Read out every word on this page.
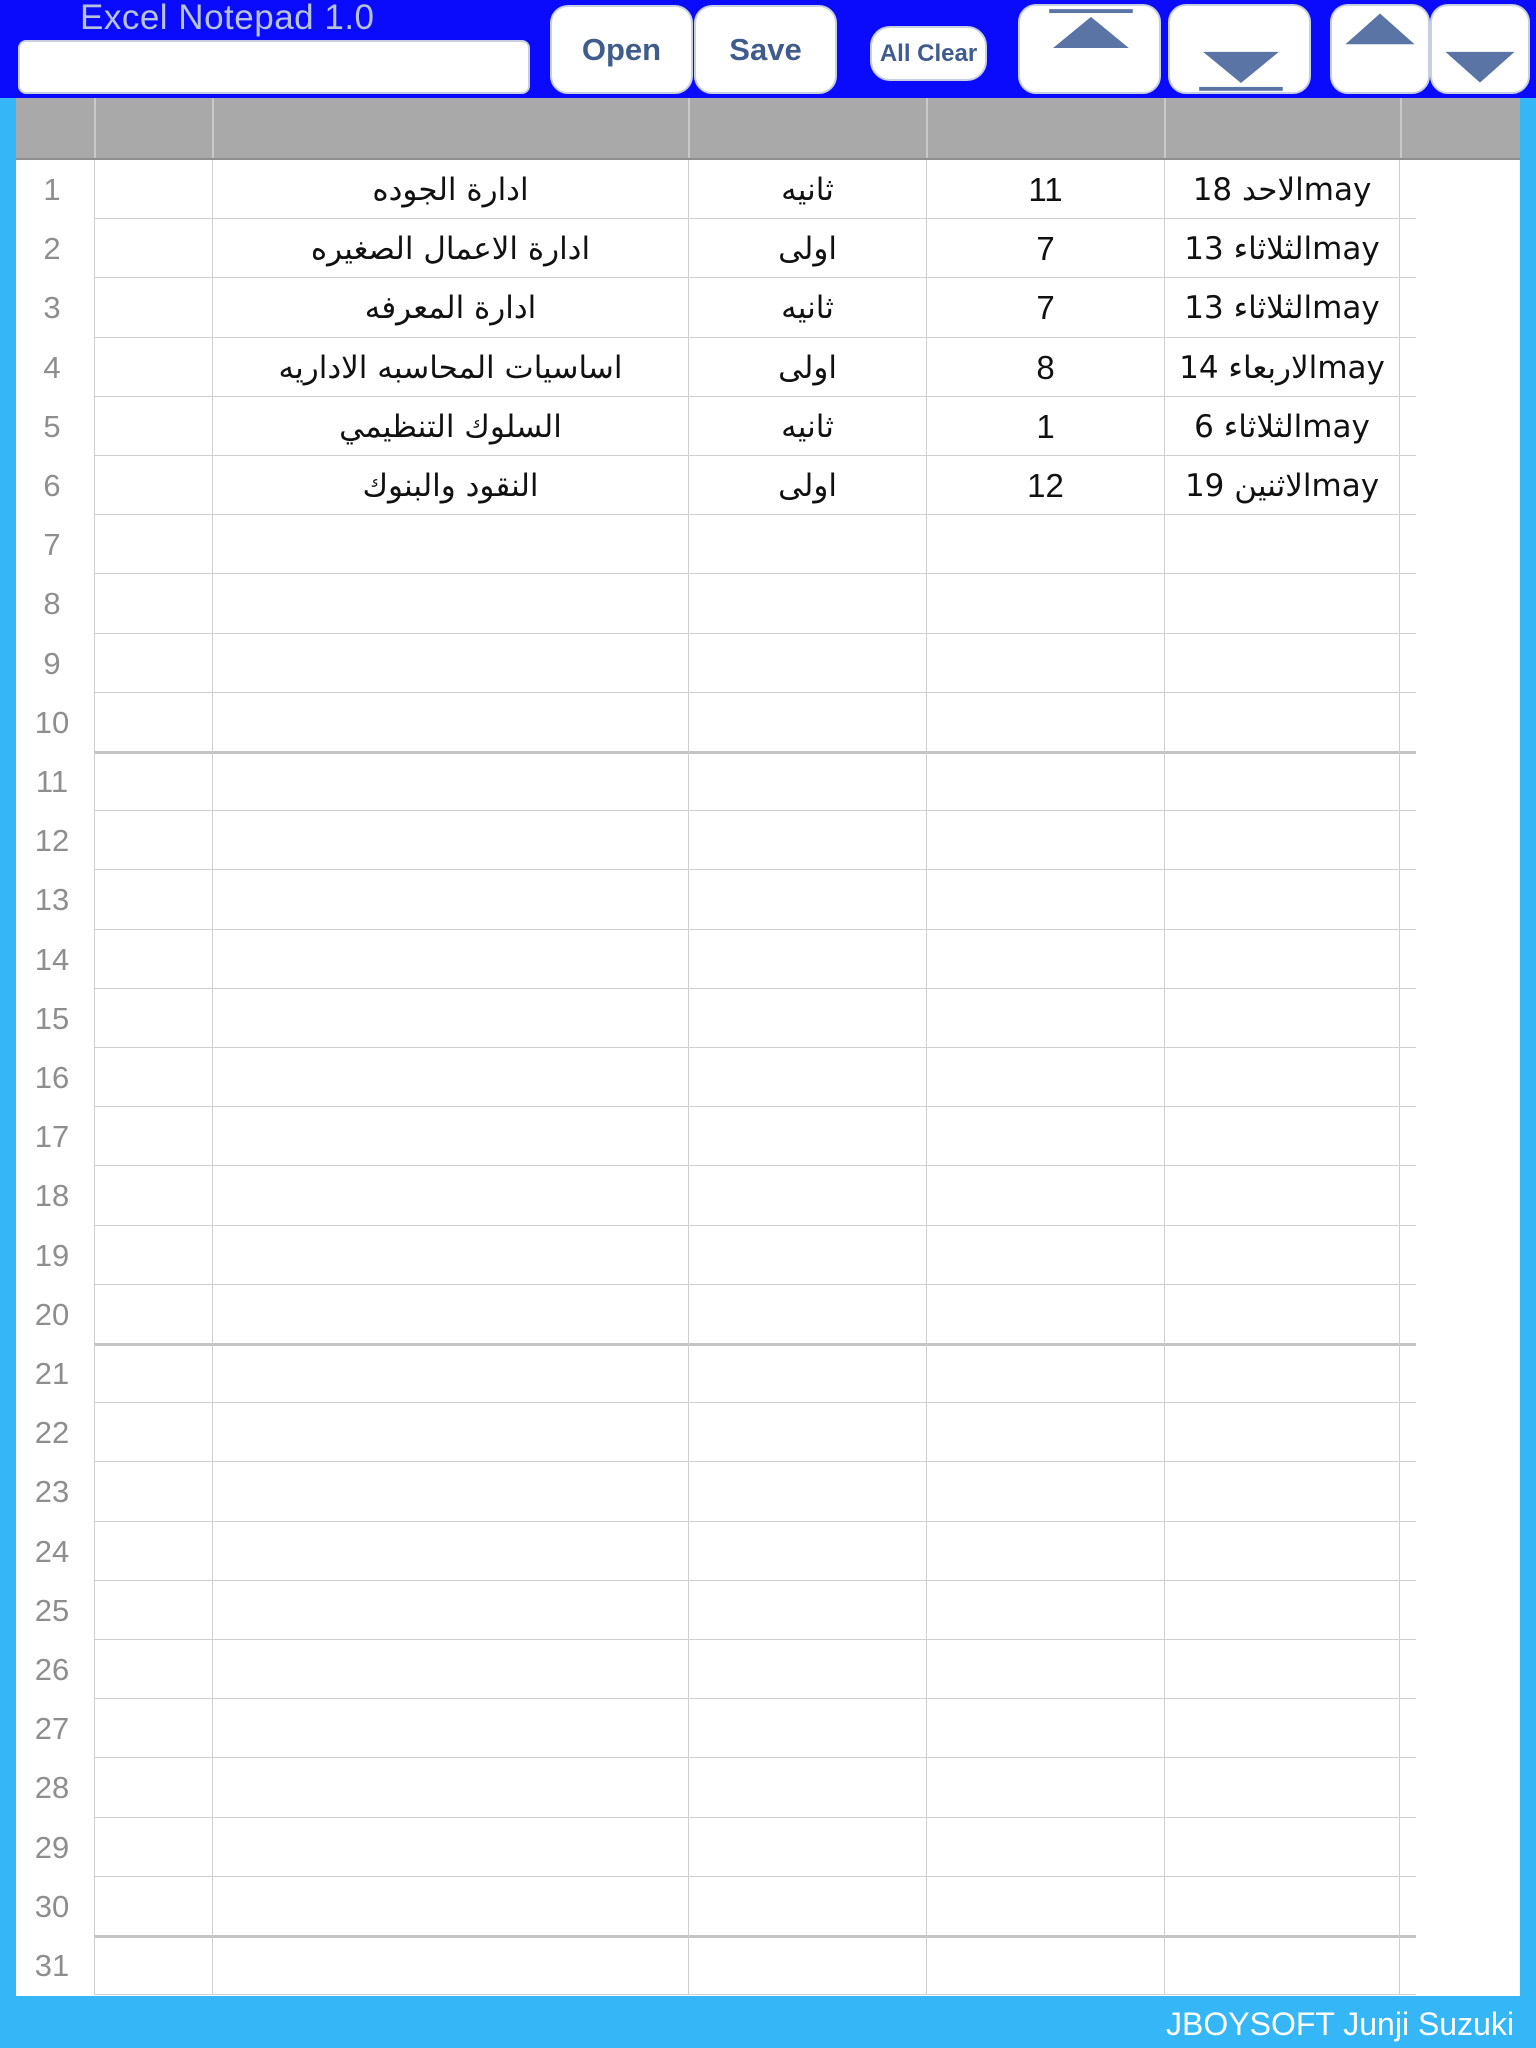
Excel Notepad 1.0
Open	Save	All Clear
1	ادارة الجوده	ثانيه	11	الاحد 18may
2	ادارة الاعمال الصغيره	اولى	7	الثلاثاء 13may
3	ادارة المعرفه	ثانيه	7	الثلاثاء 13may
4	اساسيات المحاسبه الاداريه	اولى	8	الاربعاء 14may
5	السلوك التنظيمي	ثانيه	1	الثلاثاء 6may
6	النقود والبنوك	اولى	12	الاثنين 19may
7
8
9
10
11
12
13
14
15
16
17
18
19
20
21
22
23
24
25
26
27
28
29
30
31
JBOYSOFT Junji Suzuki
